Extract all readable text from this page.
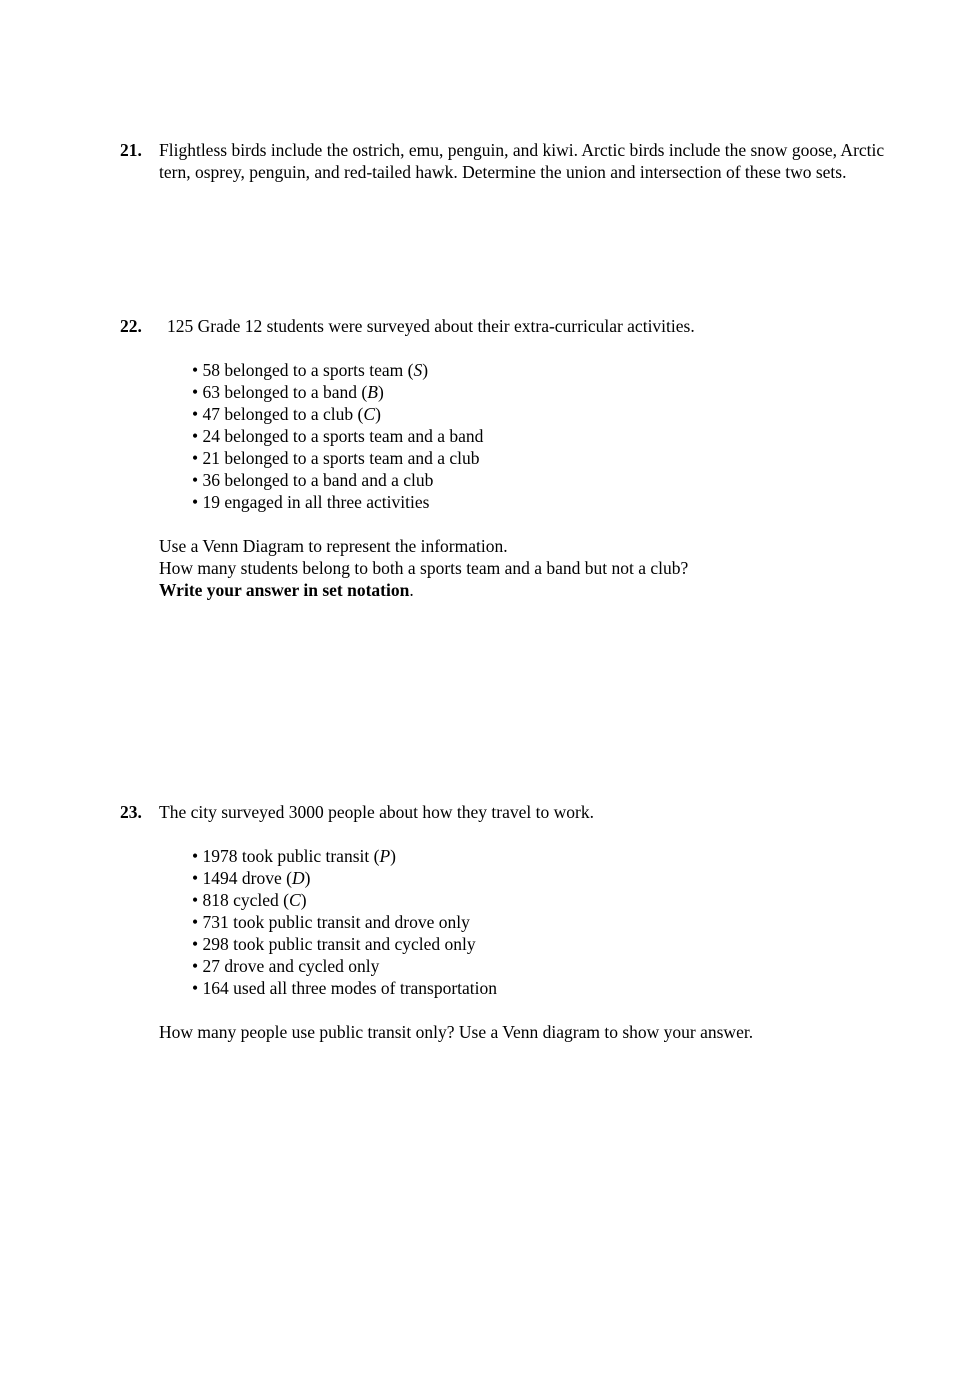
21. Flightless birds include the ostrich, emu, penguin, and kiwi. Arctic birds include the snow goose, Arctic tern, osprey, penguin, and red-tailed hawk. Determine the union and intersection of these two sets.

22.	125 Grade 12 students were surveyed about their extra-curricular activities.

• 58 belonged to a sports team (S)
• 63 belonged to a band (B)
• 47 belonged to a club (C)
• 24 belonged to a sports team and a band
• 21 belonged to a sports team and a club
• 36 belonged to a band and a club
• 19 engaged in all three activities
Use a Venn Diagram to represent the information.
How many students belong to both a sports team and a band but not a club?
Write your answer in set notation.
23. The city surveyed 3000 people about how they travel to work.

• 1978 took public transit (P)
• 1494 drove (D)
• 818 cycled (C)
• 731 took public transit and drove only
• 298 took public transit and cycled only
• 27 drove and cycled only
• 164 used all three modes of transportation
How many people use public transit only? Use a Venn diagram to show your answer.
